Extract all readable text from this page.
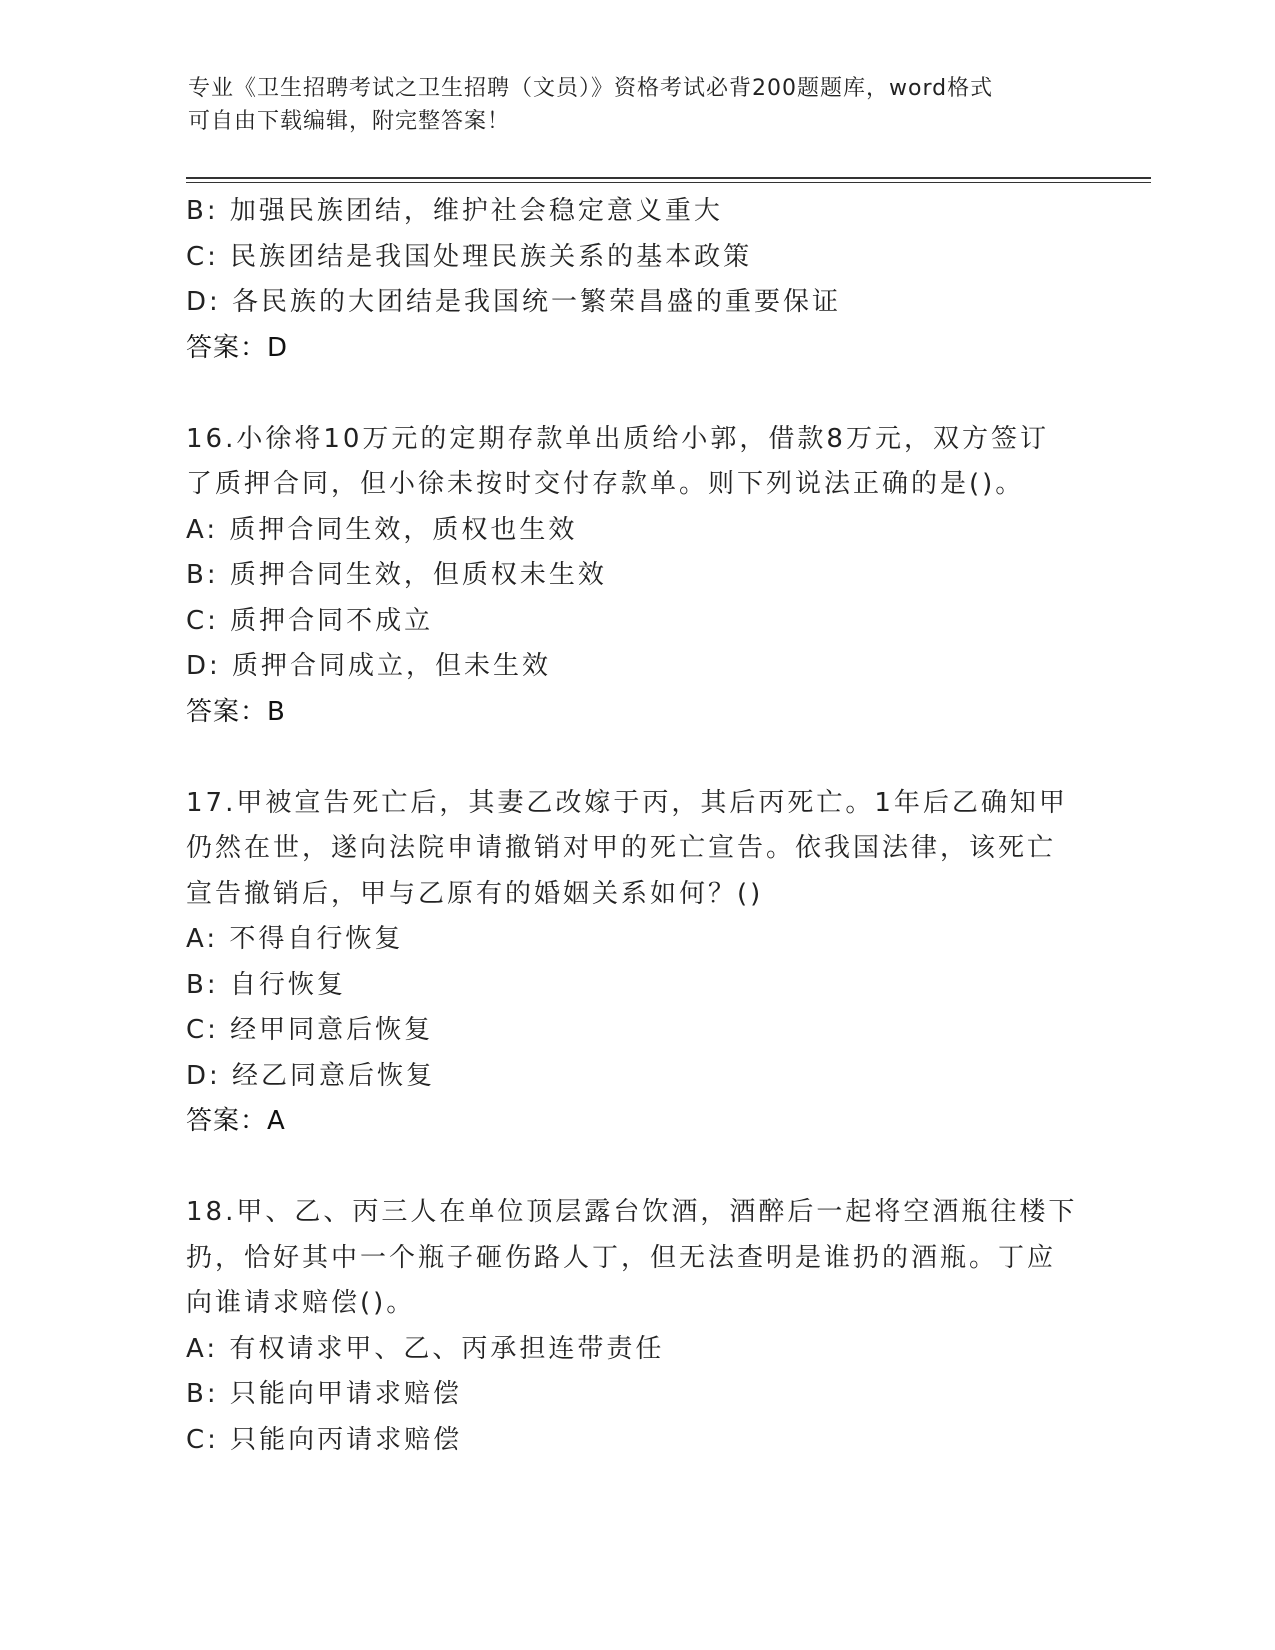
专业《卫生招聘考试之卫生招聘（文员）》资格考试必背200题题库，word格式
可自由下载编辑，附完整答案！
B: 加强民族团结，维护社会稳定意义重大
C: 民族团结是我国处理民族关系的基本政策
D: 各民族的大团结是我国统一繁荣昌盛的重要保证
答案：D
16.小徐将10万元的定期存款单出质给小郭，借款8万元，双方签订
了质押合同，但小徐未按时交付存款单。则下列说法正确的是()。
A: 质押合同生效，质权也生效
B: 质押合同生效，但质权未生效
C: 质押合同不成立
D: 质押合同成立，但未生效
答案：B
17.甲被宣告死亡后，其妻乙改嫁于丙，其后丙死亡。1年后乙确知甲
仍然在世，遂向法院申请撤销对甲的死亡宣告。依我国法律，该死亡
宣告撤销后，甲与乙原有的婚姻关系如何？()
A: 不得自行恢复
B: 自行恢复
C: 经甲同意后恢复
D: 经乙同意后恢复
答案：A
18.甲、乙、丙三人在单位顶层露台饮酒，酒醉后一起将空酒瓶往楼下
扔，恰好其中一个瓶子砸伤路人丁，但无法查明是谁扔的酒瓶。丁应
向谁请求赔偿()。
A: 有权请求甲、乙、丙承担连带责任
B: 只能向甲请求赔偿
C: 只能向丙请求赔偿
